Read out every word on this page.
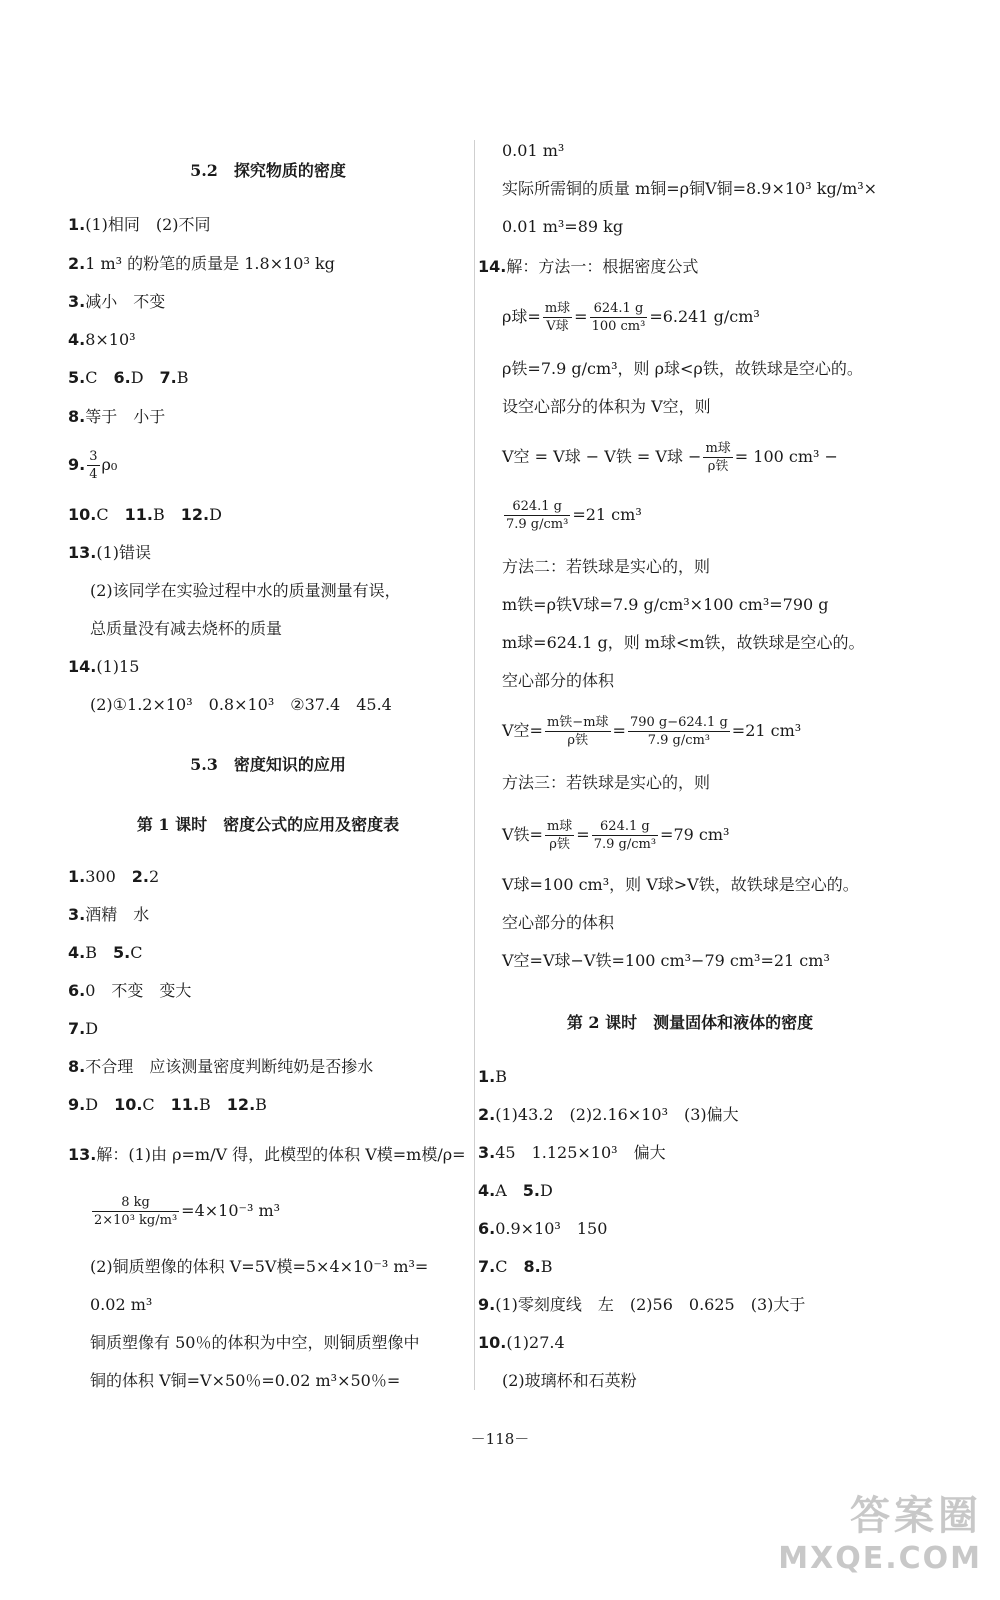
5.2　探究物质的密度
1.(1)相同　(2)不同
2.1 m³ 的粉笔的质量是 1.8×10³ kg
3.减小　不变
4.8×10³
5.C　 6.D　 7.B
8.等于　小于
9. $\frac{3}{4} \rho_0$
10.C　 11.B　 12.D
13.(1)错误
(2)该同学在实验过程中水的质量测量有误，
总质量没有减去烧杯的质量
14.(1)15
(2)①1.2×10³　0.8×10³　②37.4　45.4
5.3　密度知识的应用
第 1 课时　密度公式的应用及密度表
1.300　 2.2
3.酒精　水
4.B　 5.C
6.0　不变　变大
7.D
8.不合理　应该测量密度判断纯奶是否掺水
9.D　 10.C　 11.B　 12.B
13.解：(1)由 ρ=m/V 得，此模型的体积 V模=m模/ρ=
$\frac{8 kg}{\text{2×10³ kg/m³}} =4\times 10^{-3}$ m³
(2)铜质塑像的体积 V=5V模=5×4×10⁻³ m³=
0.02 m³
铜质塑像有 50％的体积为中空，则铜质塑像中
铜的体积 V铜=V×50％=0.02 m³×50％=
0.01 m³
实际所需铜的质量 m铜=ρ铜V铜=8.9×10³ kg/m³×
0.01 m³=89 kg
14.解：方法一：根据密度公式
ρ球= $\frac{\text{m球}}{\text{V球}} = \frac{624.1 g}{\text{100 cm³}} =6.241$ g/cm³
ρ铁=7.9 g/cm³，则 ρ球<ρ铁，故铁球是空心的。
设空心部分的体积为 V空，则
V空 = V球 − V铁 = V球 − $\frac{\text{m球}}{\text{ρ铁}} = 100$ cm³ −
$\frac{624.1 g}{\text{7.9 g/cm³}} =21$ cm³
方法二：若铁球是实心的，则
m铁=ρ铁V球=7.9 g/cm³×100 cm³=790 g
m球=624.1 g，则 m球<m铁，故铁球是空心的。
空心部分的体积
V空= $\frac{\text{m铁−m球}}{\text{ρ铁}} = \frac{790 g-624.1 g}{\text{7.9 g/cm³}} =21$ cm³
方法三：若铁球是实心的，则
V铁= $\frac{\text{m球}}{\text{ρ铁}} = \frac{624.1 g}{\text{7.9 g/cm³}} =79$ cm³
V球=100 cm³，则 V球>V铁，故铁球是空心的。
空心部分的体积
V空=V球−V铁=100 cm³−79 cm³=21 cm³
第 2 课时　测量固体和液体的密度
1.B
2.(1)43.2　(2)2.16×10³　(3)偏大
3.45　1.125×10³　偏大
4.A　 5.D
6.0.9×10³　150
7.C　 8.B
9.(1)零刻度线　左　(2)56　0.625　(3)大于
10.(1)27.4
(2)玻璃杯和石英粉
－118－
答案圈
MXQE.COM
